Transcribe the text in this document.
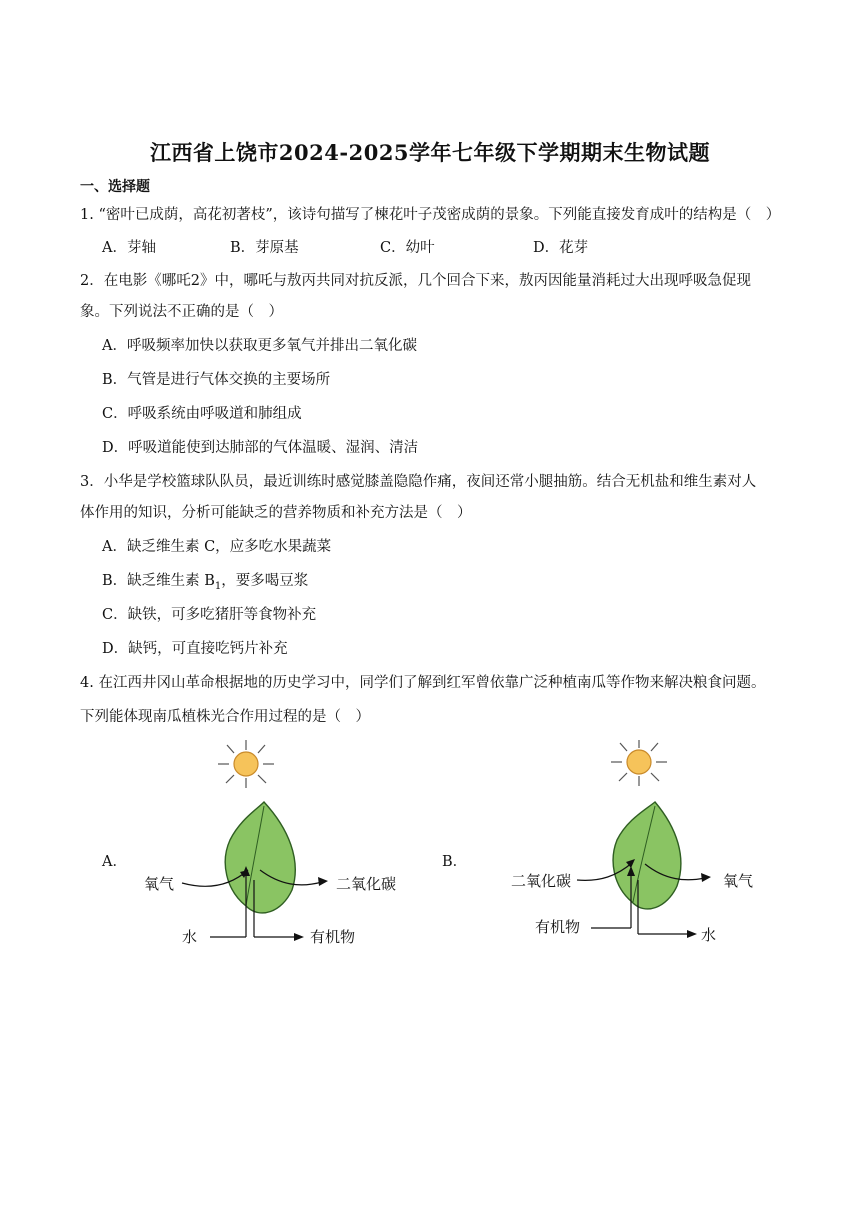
江西省上饶市2024-2025学年七年级下学期期末生物试题
一、选择题
1. “密叶已成荫，高花初著枝”，该诗句描写了楝花叶子茂密成荫的景象。下列能直接发育成叶的结构是（　）
A．芽轴	B．芽原基	C．幼叶	D．花芽
2．在电影《哪吒2》中，哪吒与敖丙共同对抗反派，几个回合下来，敖丙因能量消耗过大出现呼吸急促现
象。下列说法不正确的是（　）
A．呼吸频率加快以获取更多氧气并排出二氧化碳
B．气管是进行气体交换的主要场所
C．呼吸系统由呼吸道和肺组成
D．呼吸道能使到达肺部的气体温暖、湿润、清洁
3．小华是学校篮球队队员，最近训练时感觉膝盖隐隐作痛，夜间还常小腿抽筋。结合无机盐和维生素对人
体作用的知识，分析可能缺乏的营养物质和补充方法是（　）
A．缺乏维生素 C，应多吃水果蔬菜
B．缺乏维生素 $B_1$，要多喝豆浆
C．缺铁，可多吃猪肝等食物补充
D．缺钙，可直接吃钙片补充
4. 在江西井冈山革命根据地的历史学习中，同学们了解到红军曾依靠广泛种植南瓜等作物来解决粮食问题。
下列能体现南瓜植株光合作用过程的是（　）
A．	B．
氧气	二氧化碳
水	有机物
二氧化碳	氧气
有机物	水
